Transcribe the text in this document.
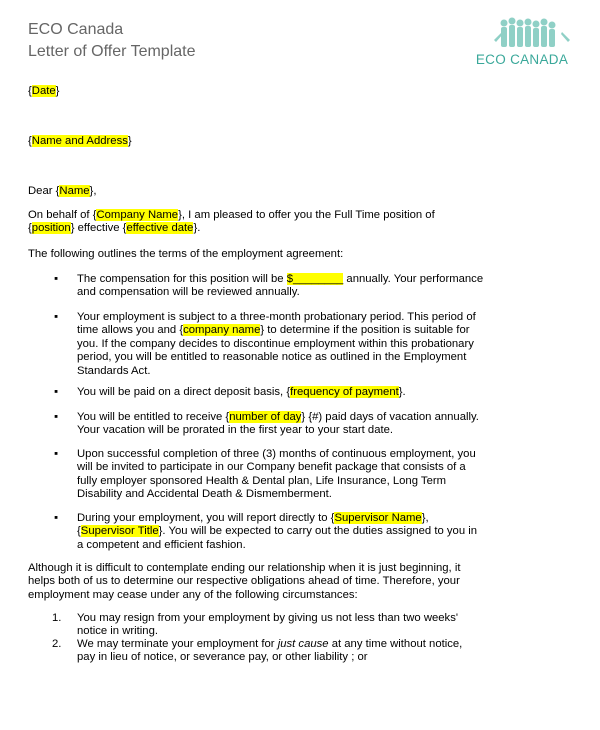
ECO Canada
Letter of Offer Template	ECO CANADA
{Date}
{Name and Address}
Dear {Name},
On behalf of {Company Name}, I am pleased to offer you the Full Time position of
{position} effective {effective date}.
The following outlines the terms of the employment agreement:
▪ The compensation for this position will be $________ annually. Your performance
and compensation will be reviewed annually.
▪ Your employment is subject to a three-month probationary period. This period of
time allows you and {company name} to determine if the position is suitable for
you. If the company decides to discontinue employment within this probationary
period, you will be entitled to reasonable notice as outlined in the Employment
Standards Act.
▪ You will be paid on a direct deposit basis, {frequency of payment}.
▪ You will be entitled to receive {number of day} {#) paid days of vacation annually.
Your vacation will be prorated in the first year to your start date.
▪ Upon successful completion of three (3) months of continuous employment, you
will be invited to participate in our Company benefit package that consists of a
fully employer sponsored Health & Dental plan, Life Insurance, Long Term
Disability and Accidental Death & Dismemberment.
▪ During your employment, you will report directly to {Supervisor Name},
{Supervisor Title}. You will be expected to carry out the duties assigned to you in
a competent and efficient fashion.
Although it is difficult to contemplate ending our relationship when it is just beginning, it
helps both of us to determine our respective obligations ahead of time. Therefore, your
employment may cease under any of the following circumstances:
1. You may resign from your employment by giving us not less than two weeks'
notice in writing.
2. We may terminate your employment for just cause at any time without notice,
pay in lieu of notice, or severance pay, or other liability ; or
